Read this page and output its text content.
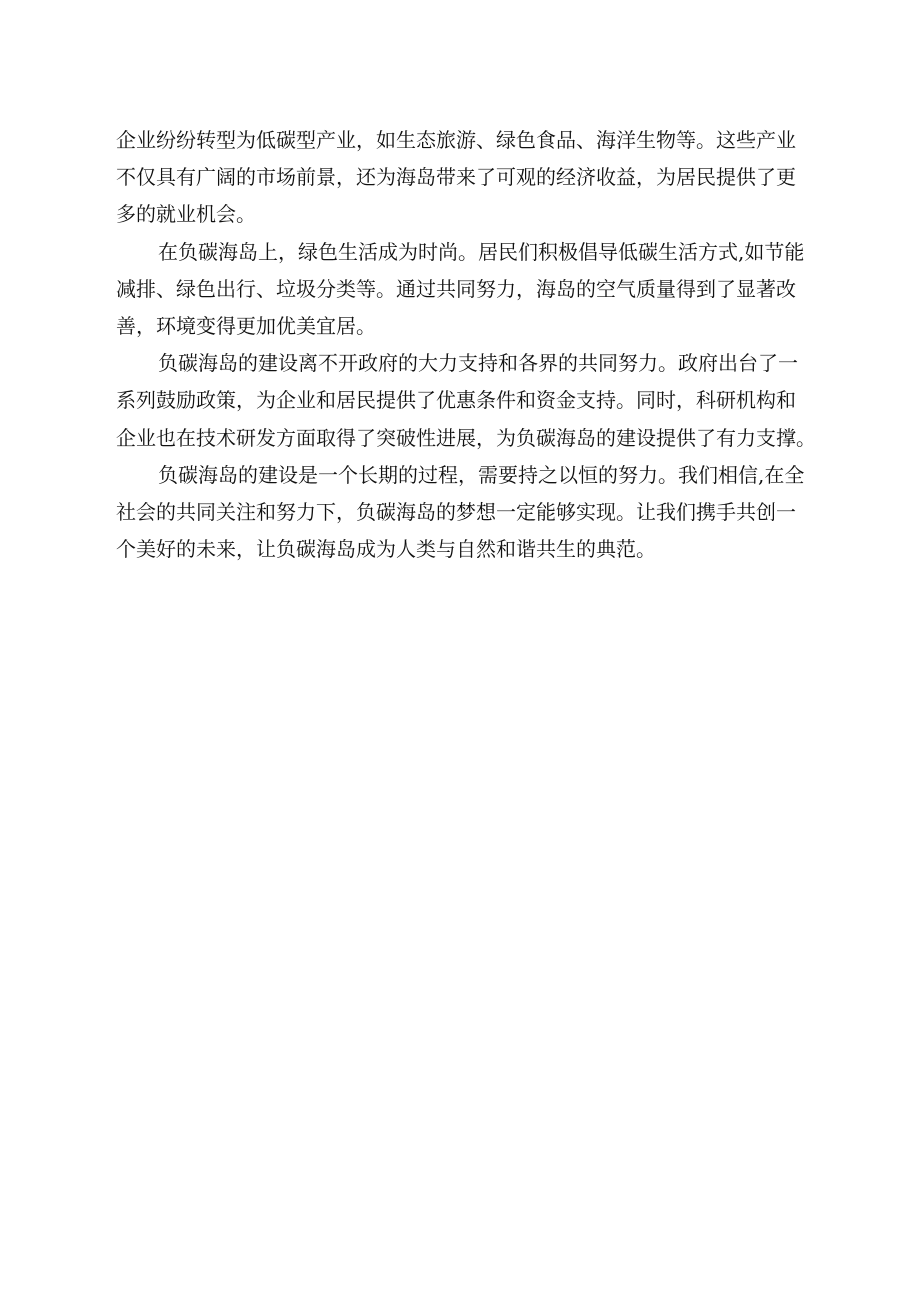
企业纷纷转型为低碳型产业，如生态旅游、绿色食品、海洋生物等。这些产业
不仅具有广阔的市场前景，还为海岛带来了可观的经济收益，为居民提供了更
多的就业机会。

在负碳海岛上，绿色生活成为时尚。居民们积极倡导低碳生活方式,如节能
减排、绿色出行、垃圾分类等。通过共同努力，海岛的空气质量得到了显著改
善，环境变得更加优美宜居。

负碳海岛的建设离不开政府的大力支持和各界的共同努力。政府出台了一
系列鼓励政策，为企业和居民提供了优惠条件和资金支持。同时，科研机构和
企业也在技术研发方面取得了突破性进展，为负碳海岛的建设提供了有力支撑。

负碳海岛的建设是一个长期的过程，需要持之以恒的努力。我们相信,在全
社会的共同关注和努力下，负碳海岛的梦想一定能够实现。让我们携手共创一
个美好的未来，让负碳海岛成为人类与自然和谐共生的典范。
